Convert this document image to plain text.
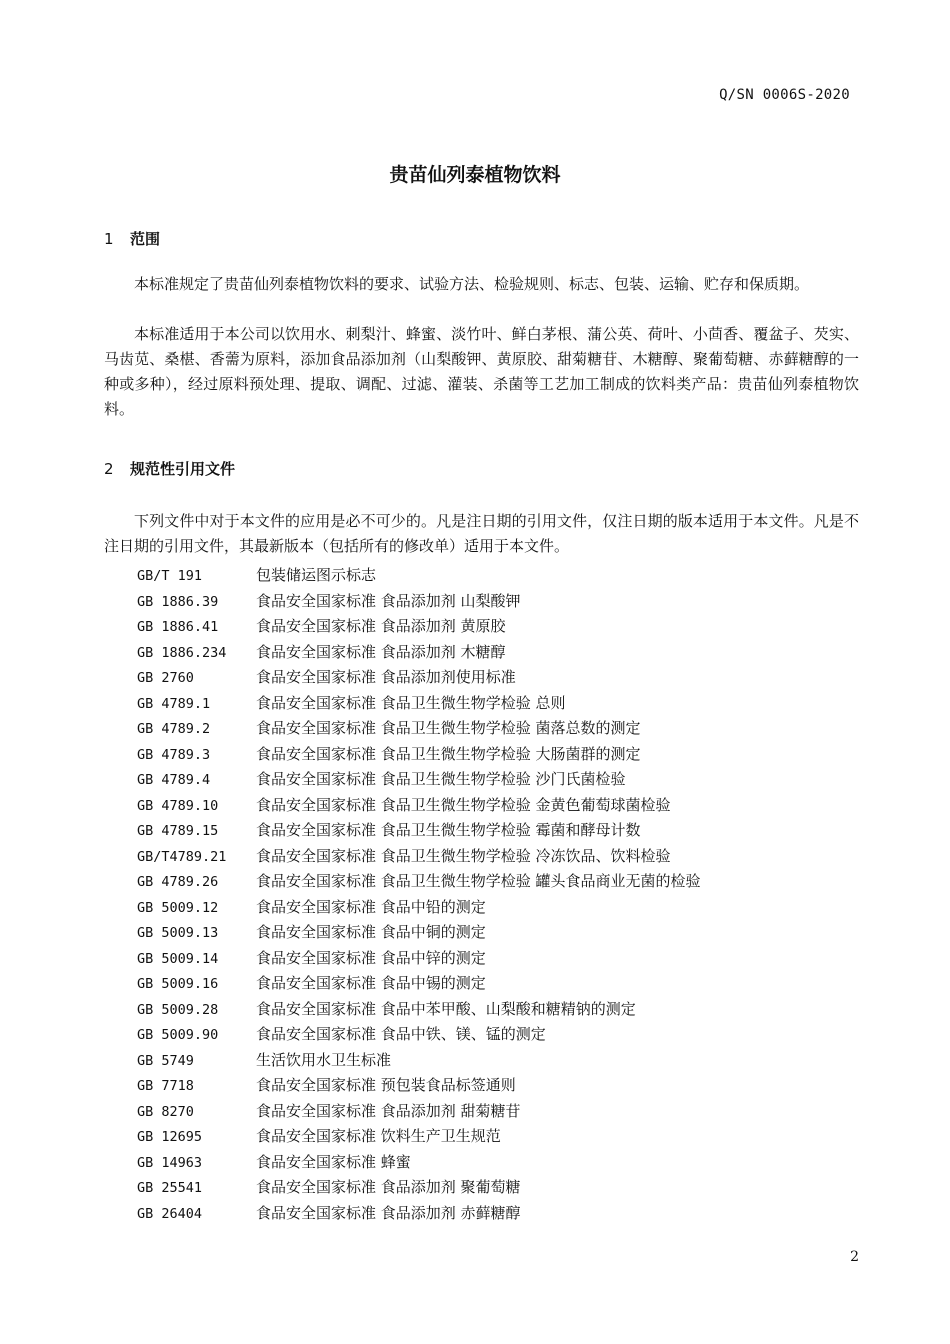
Q/SN 0006S-2020
贵苗仙列泰植物饮料
1 范围

本标准规定了贵苗仙列泰植物饮料的要求、试验方法、检验规则、标志、包装、运输、贮存和保质期。

本标准适用于本公司以饮用水、刺梨汁、蜂蜜、淡竹叶、鲜白茅根、蒲公英、荷叶、小茴香、覆盆子、芡实、马齿苋、桑椹、香薷为原料，添加食品添加剂（山梨酸钾、黄原胶、甜菊糖苷、木糖醇、聚葡萄糖、赤藓糖醇的一种或多种），经过原料预处理、提取、调配、过滤、灌装、杀菌等工艺加工制成的饮料类产品：贵苗仙列泰植物饮料。

2 规范性引用文件

下列文件中对于本文件的应用是必不可少的。凡是注日期的引用文件，仅注日期的版本适用于本文件。凡是不注日期的引用文件，其最新版本（包括所有的修改单）适用于本文件。

GB/T 191	包装储运图示标志
GB 1886.39	食品安全国家标准 食品添加剂 山梨酸钾
GB 1886.41	食品安全国家标准 食品添加剂 黄原胶
GB 1886.234 食品安全国家标准 食品添加剂 木糖醇
GB 2760	食品安全国家标准 食品添加剂使用标准
GB 4789.1	食品安全国家标准 食品卫生微生物学检验 总则
GB 4789.2	食品安全国家标准 食品卫生微生物学检验 菌落总数的测定
GB 4789.3	食品安全国家标准 食品卫生微生物学检验 大肠菌群的测定
GB 4789.4	食品安全国家标准 食品卫生微生物学检验 沙门氏菌检验
GB 4789.10	食品安全国家标准 食品卫生微生物学检验 金黄色葡萄球菌检验
GB 4789.15	食品安全国家标准 食品卫生微生物学检验 霉菌和酵母计数
GB/T4789.21 食品安全国家标准 食品卫生微生物学检验 冷冻饮品、饮料检验
GB 4789.26	食品安全国家标准 食品卫生微生物学检验 罐头食品商业无菌的检验
GB 5009.12	食品安全国家标准 食品中铅的测定
GB 5009.13	食品安全国家标准 食品中铜的测定
GB 5009.14	食品安全国家标准 食品中锌的测定
GB 5009.16	食品安全国家标准 食品中锡的测定
GB 5009.28	食品安全国家标准 食品中苯甲酸、山梨酸和糖精钠的测定
GB 5009.90	食品安全国家标准 食品中铁、镁、锰的测定
GB 5749	生活饮用水卫生标准
GB 7718	食品安全国家标准 预包装食品标签通则
GB 8270	食品安全国家标准 食品添加剂 甜菊糖苷
GB 12695	食品安全国家标准 饮料生产卫生规范
GB 14963	食品安全国家标准 蜂蜜
GB 25541	食品安全国家标准 食品添加剂 聚葡萄糖
GB 26404	食品安全国家标准 食品添加剂 赤藓糖醇
2
